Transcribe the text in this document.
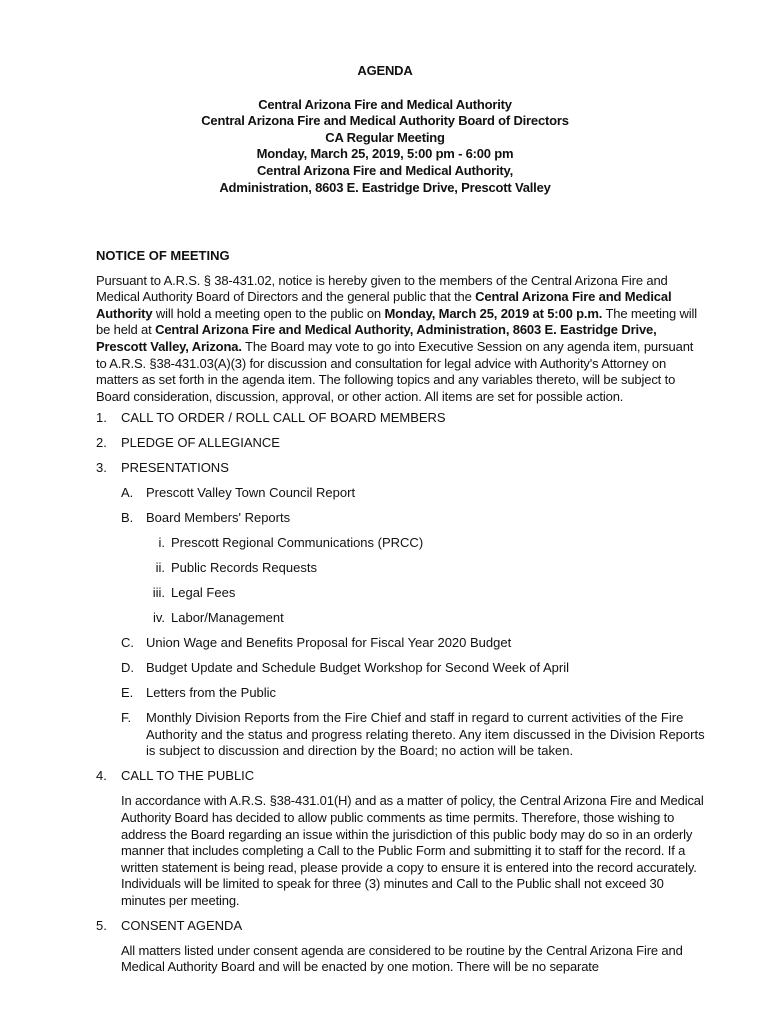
AGENDA
Central Arizona Fire and Medical Authority
Central Arizona Fire and Medical Authority Board of Directors
CA Regular Meeting
Monday, March 25, 2019, 5:00 pm - 6:00 pm
Central Arizona Fire and Medical Authority,
Administration, 8603 E. Eastridge Drive, Prescott Valley
NOTICE OF MEETING
Pursuant to A.R.S. § 38-431.02, notice is hereby given to the members of the Central Arizona Fire and Medical Authority Board of Directors and the general public that the Central Arizona Fire and Medical Authority will hold a meeting open to the public on Monday, March 25, 2019 at 5:00 p.m. The meeting will be held at Central Arizona Fire and Medical Authority, Administration, 8603 E. Eastridge Drive, Prescott Valley, Arizona. The Board may vote to go into Executive Session on any agenda item, pursuant to A.R.S. §38-431.03(A)(3) for discussion and consultation for legal advice with Authority's Attorney on matters as set forth in the agenda item. The following topics and any variables thereto, will be subject to Board consideration, discussion, approval, or other action. All items are set for possible action.
1. CALL TO ORDER / ROLL CALL OF BOARD MEMBERS
2. PLEDGE OF ALLEGIANCE
3. PRESENTATIONS
A. Prescott Valley Town Council Report
B. Board Members' Reports
i. Prescott Regional Communications (PRCC)
ii. Public Records Requests
iii. Legal Fees
iv. Labor/Management
C. Union Wage and Benefits Proposal for Fiscal Year 2020 Budget
D. Budget Update and Schedule Budget Workshop for Second Week of April
E. Letters from the Public
F. Monthly Division Reports from the Fire Chief and staff in regard to current activities of the Fire Authority and the status and progress relating thereto. Any item discussed in the Division Reports is subject to discussion and direction by the Board; no action will be taken.
4. CALL TO THE PUBLIC
In accordance with A.R.S. §38-431.01(H) and as a matter of policy, the Central Arizona Fire and Medical Authority Board has decided to allow public comments as time permits. Therefore, those wishing to address the Board regarding an issue within the jurisdiction of this public body may do so in an orderly manner that includes completing a Call to the Public Form and submitting it to staff for the record. If a written statement is being read, please provide a copy to ensure it is entered into the record accurately. Individuals will be limited to speak for three (3) minutes and Call to the Public shall not exceed 30 minutes per meeting.
5. CONSENT AGENDA
All matters listed under consent agenda are considered to be routine by the Central Arizona Fire and Medical Authority Board and will be enacted by one motion. There will be no separate
